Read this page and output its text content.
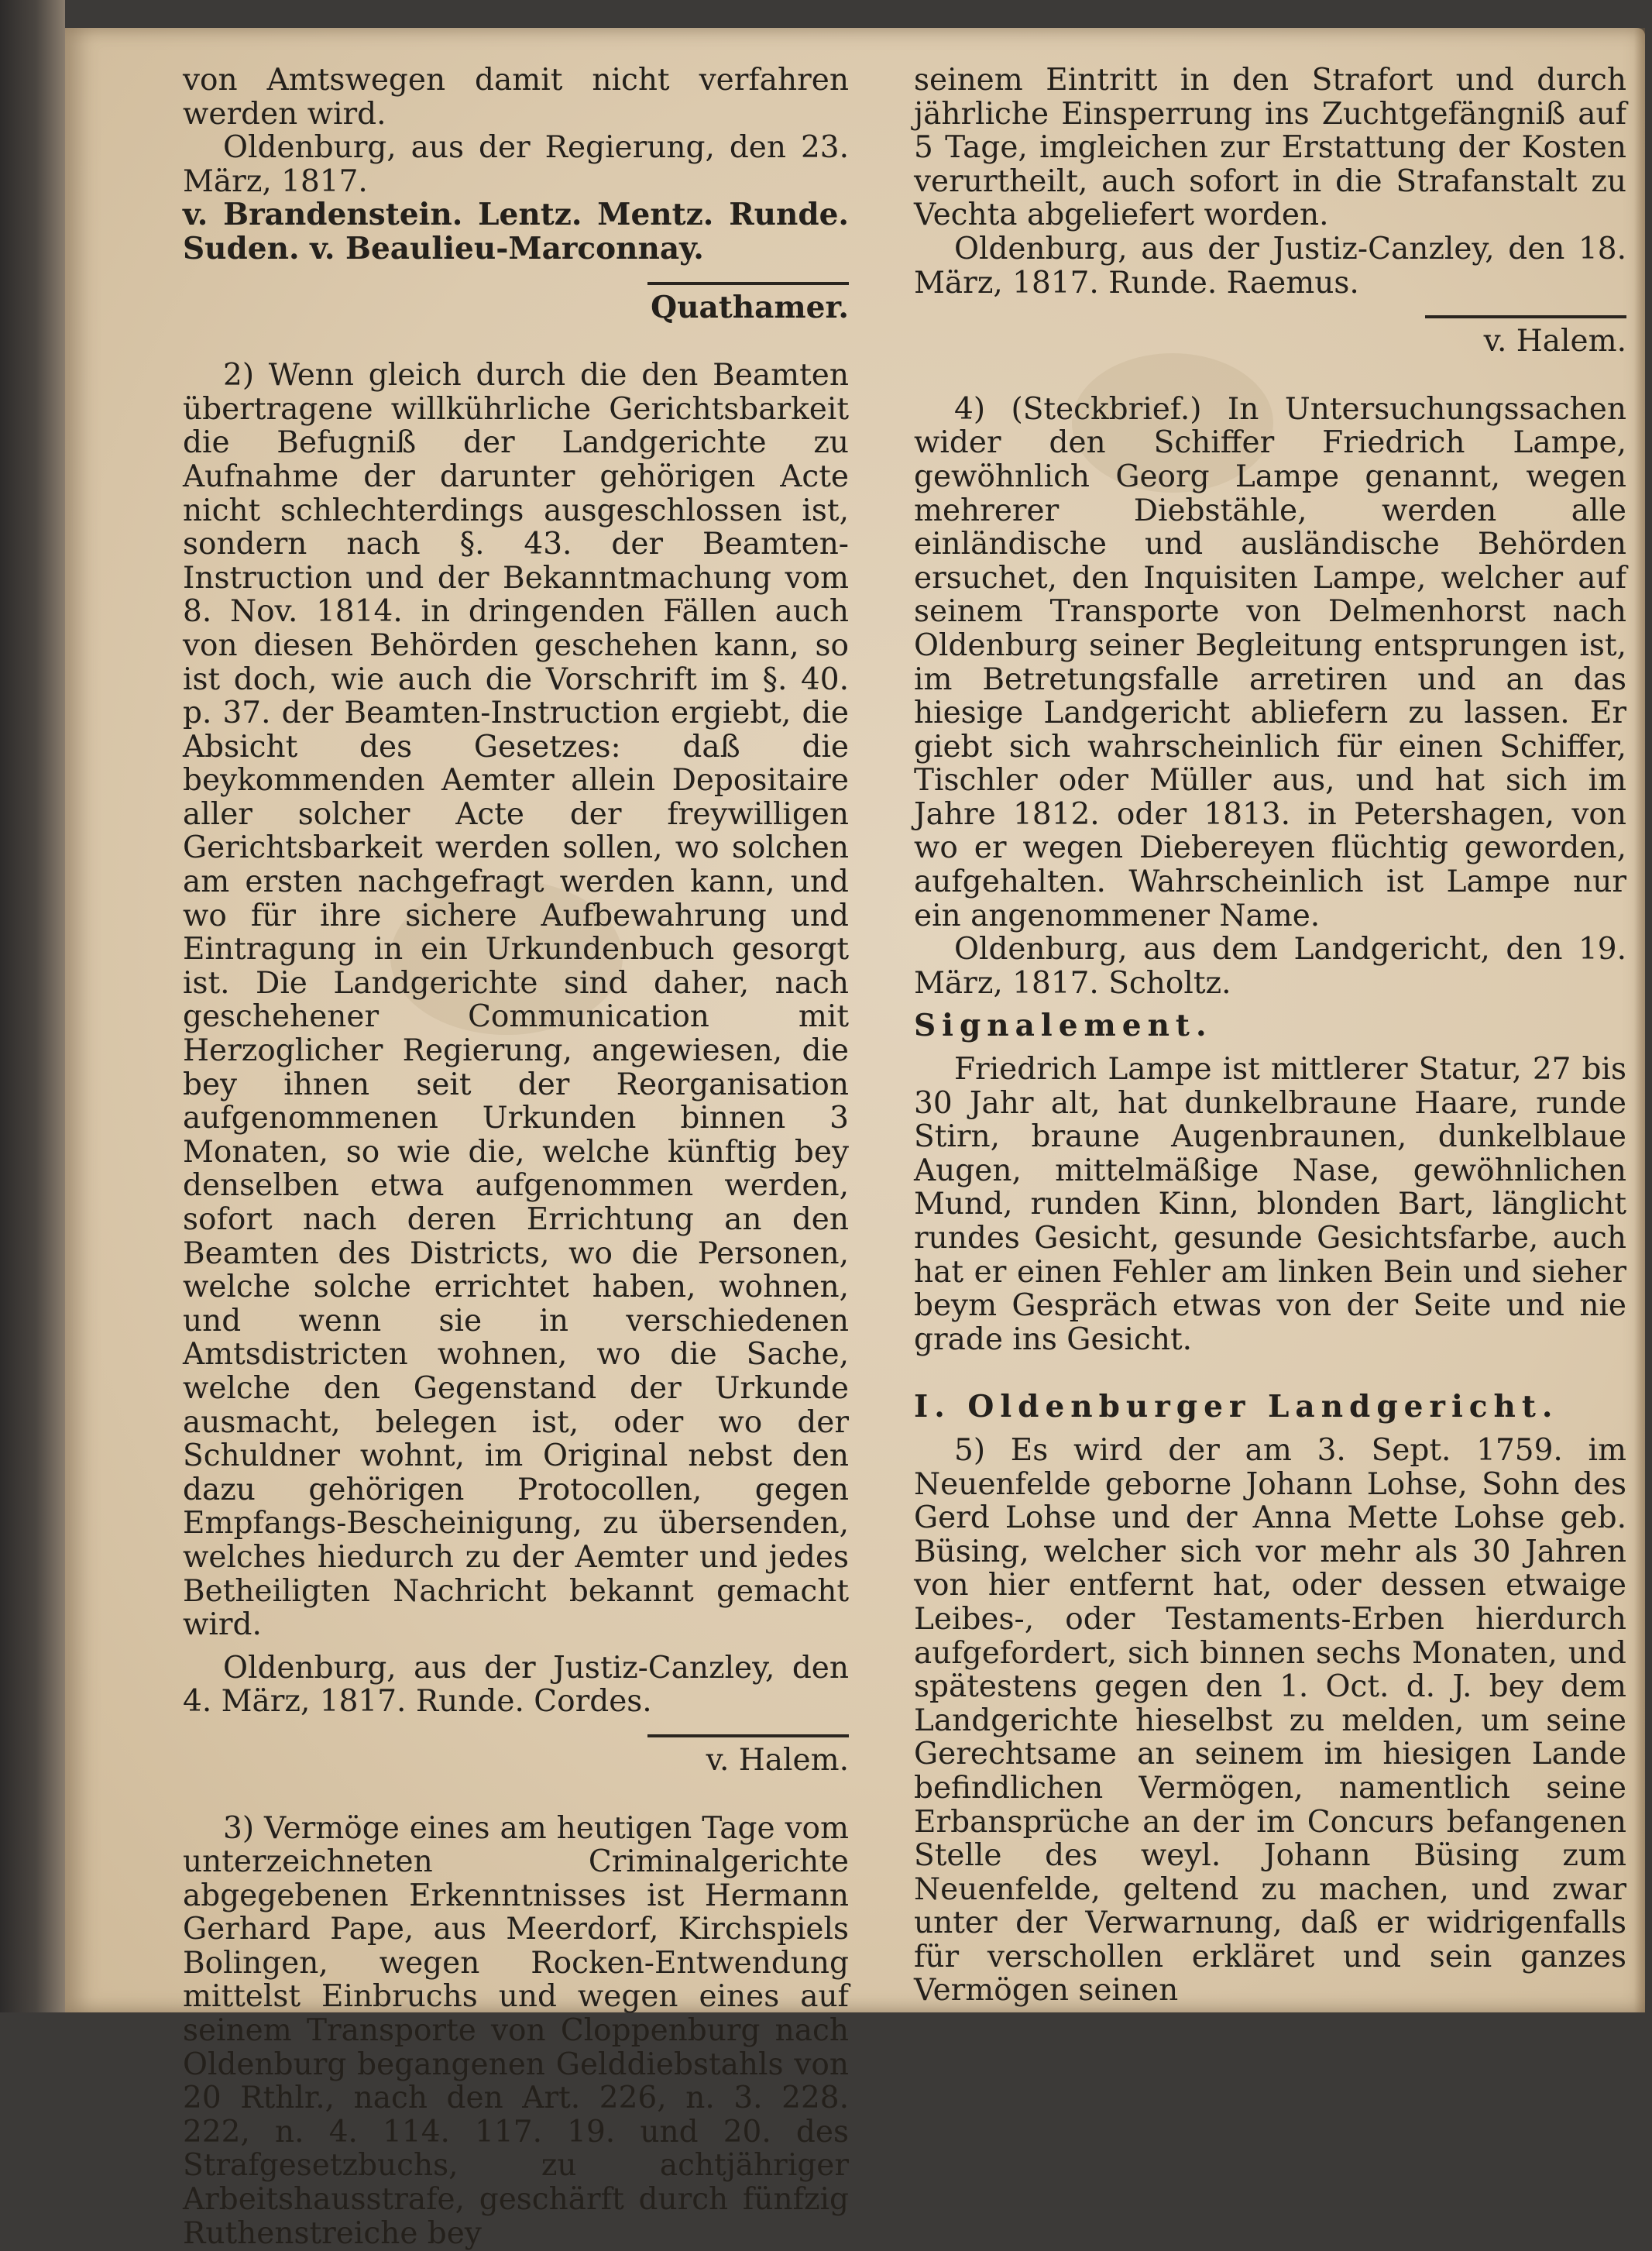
von Amtswegen damit nicht verfahren werden wird.

Oldenburg, aus der Regierung, den 23. März, 1817.

v. Brandenstein. Lentz. Mentz. Runde. Suden. v. Beaulieu-Marconnay.

Quathamer.

2) Wenn gleich durch die den Beamten übertragene willkührliche Gerichtsbarkeit die Befugniß der Landgerichte zu Aufnahme der darunter gehörigen Acte nicht schlechterdings ausgeschlossen ist, sondern nach §. 43. der Beamten-Instruction und der Bekanntmachung vom 8. Nov. 1814. in dringenden Fällen auch von diesen Behörden geschehen kann, so ist doch, wie auch die Vorschrift im §. 40. p. 37. der Beamten-Instruction ergiebt, die Absicht des Gesetzes: daß die beykommenden Aemter allein Depositaire aller solcher Acte der freywilligen Gerichtsbarkeit werden sollen, wo solchen am ersten nachgefragt werden kann, und wo für ihre sichere Aufbewahrung und Eintragung in ein Urkundenbuch gesorgt ist. Die Landgerichte sind daher, nach geschehener Communication mit Herzoglicher Regierung, angewiesen, die bey ihnen seit der Reorganisation aufgenommenen Urkunden binnen 3 Monaten, so wie die, welche künftig bey denselben etwa aufgenommen werden, sofort nach deren Errichtung an den Beamten des Districts, wo die Personen, welche solche errichtet haben, wohnen, und wenn sie in verschiedenen Amtsdistricten wohnen, wo die Sache, welche den Gegenstand der Urkunde ausmacht, belegen ist, oder wo der Schuldner wohnt, im Original nebst den dazu gehörigen Protocollen, gegen Empfangs-Bescheinigung, zu übersenden, welches hiedurch zu der Aemter und jedes Betheiligten Nachricht bekannt gemacht wird.

Oldenburg, aus der Justiz-Canzley, den 4. März, 1817. Runde. Cordes.

v. Halem.

3) Vermöge eines am heutigen Tage vom unterzeichneten Criminalgerichte abgegebenen Erkenntnisses ist Hermann Gerhard Pape, aus Meerdorf, Kirchspiels Bolingen, wegen Rocken-Entwendung mittelst Einbruchs und wegen eines auf seinem Transporte von Cloppenburg nach Oldenburg begangenen Gelddiebstahls von 20 Rthlr., nach den Art. 226, n. 3. 228. 222, n. 4. 114. 117. 19. und 20. des Strafgesetzbuchs, zu achtjähriger Arbeitshausstrafe, geschärft durch fünfzig Ruthenstreiche bey

seinem Eintritt in den Strafort und durch jährliche Einsperrung ins Zuchtgefängniß auf 5 Tage, imgleichen zur Erstattung der Kosten verurtheilt, auch sofort in die Strafanstalt zu Vechta abgeliefert worden.

Oldenburg, aus der Justiz-Canzley, den 18. März, 1817. Runde. Raemus.

v. Halem.

4) (Steckbrief.) In Untersuchungssachen wider den Schiffer Friedrich Lampe, gewöhnlich Georg Lampe genannt, wegen mehrerer Diebstähle, werden alle einländische und ausländische Behörden ersuchet, den Inquisiten Lampe, welcher auf seinem Transporte von Delmenhorst nach Oldenburg seiner Begleitung entsprungen ist, im Betretungsfalle arretiren und an das hiesige Landgericht abliefern zu lassen. Er giebt sich wahrscheinlich für einen Schiffer, Tischler oder Müller aus, und hat sich im Jahre 1812. oder 1813. in Petershagen, von wo er wegen Diebereyen flüchtig geworden, aufgehalten. Wahrscheinlich ist Lampe nur ein angenommener Name.

Oldenburg, aus dem Landgericht, den 19. März, 1817. Scholtz.

Signalement.

Friedrich Lampe ist mittlerer Statur, 27 bis 30 Jahr alt, hat dunkelbraune Haare, runde Stirn, braune Augenbraunen, dunkelblaue Augen, mittelmäßige Nase, gewöhnlichen Mund, runden Kinn, blonden Bart, länglicht rundes Gesicht, gesunde Gesichtsfarbe, auch hat er einen Fehler am linken Bein und sieher beym Gespräch etwas von der Seite und nie grade ins Gesicht.

I. Oldenburger Landgericht.

5) Es wird der am 3. Sept. 1759. im Neuenfelde geborne Johann Lohse, Sohn des Gerd Lohse und der Anna Mette Lohse geb. Büsing, welcher sich vor mehr als 30 Jahren von hier entfernt hat, oder dessen etwaige Leibes-, oder Testaments-Erben hierdurch aufgefordert, sich binnen sechs Monaten, und spätestens gegen den 1. Oct. d. J. bey dem Landgerichte hieselbst zu melden, um seine Gerechtsame an seinem im hiesigen Lande befindlichen Vermögen, namentlich seine Erbansprüche an der im Concurs befangenen Stelle des weyl. Johann Büsing zum Neuenfelde, geltend zu machen, und zwar unter der Verwarnung, daß er widrigenfalls für verschollen erkläret und sein ganzes Vermögen seinen
